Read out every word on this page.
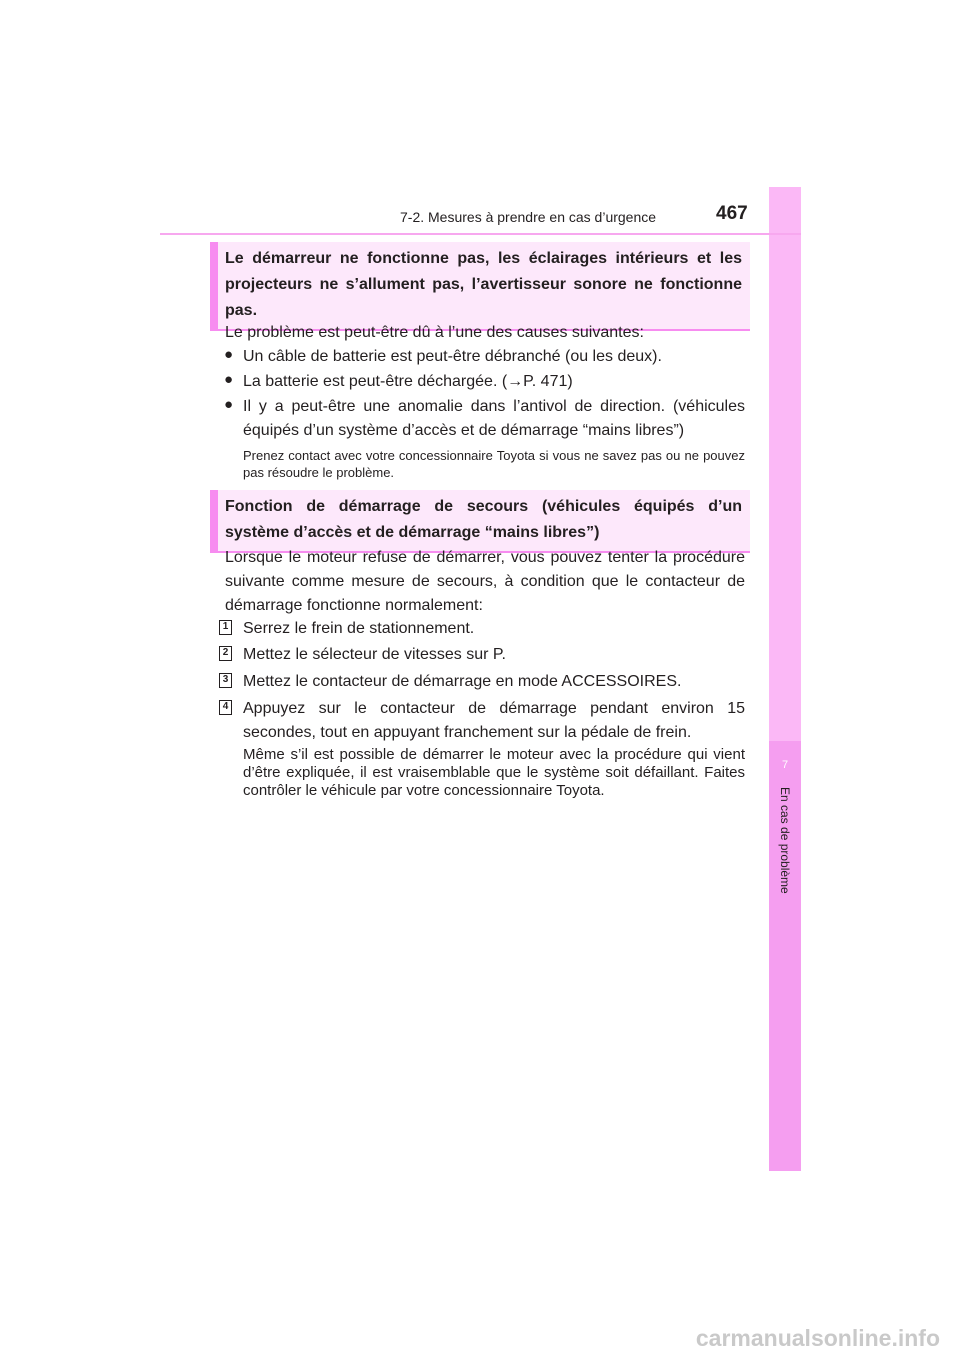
7
En cas de problème
7-2. Mesures à prendre en cas d’urgence	467
Le démarreur ne fonctionne pas, les éclairages intérieurs et les projecteurs ne s’allument pas, l’avertisseur sonore ne fonctionne pas.
Le problème est peut-être dû à l’une des causes suivantes:
● Un câble de batterie est peut-être débranché (ou les deux).
● La batterie est peut-être déchargée. (→P. 471)
● Il y a peut-être une anomalie dans l’antivol de direction. (véhicules équipés d’un système d’accès et de démarrage “mains libres”)
Prenez contact avec votre concessionnaire Toyota si vous ne savez pas ou ne pouvez pas résoudre le problème.
Fonction de démarrage de secours (véhicules équipés d’un système d’accès et de démarrage “mains libres”)
Lorsque le moteur refuse de démarrer, vous pouvez tenter la procédure suivante comme mesure de secours, à condition que le contacteur de démarrage fonctionne normalement:
1 Serrez le frein de stationnement.
2 Mettez le sélecteur de vitesses sur P.
3 Mettez le contacteur de démarrage en mode ACCESSOIRES.
4 Appuyez sur le contacteur de démarrage pendant environ 15 secondes, tout en appuyant franchement sur la pédale de frein.
Même s’il est possible de démarrer le moteur avec la procédure qui vient d’être expliquée, il est vraisemblable que le système soit défaillant. Faites contrôler le véhicule par votre concessionnaire Toyota.
carmanualsonline.info
